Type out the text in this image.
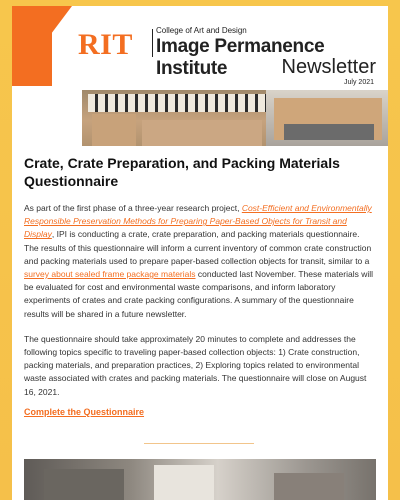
RIT	College of Art and Design
Image Permanence Institute	Newsletter
July 2021
Crate, Crate Preparation, and Packing Materials Questionnaire

As part of the first phase of a three-year research project, Cost-Efficient and Environmentally Responsible Preservation Methods for Preparing Paper-Based Objects for Transit and Display, IPI is conducting a crate, crate preparation, and packing materials questionnaire. The results of this questionnaire will inform a current inventory of common crate construction and packing materials used to prepare paper-based collection objects for transit, similar to a survey about sealed frame package materials conducted last November. These materials will be evaluated for cost and environmental waste comparisons, and inform laboratory experiments of crates and crate packing configurations. A summary of the questionnaire results will be shared in a future newsletter.

The questionnaire should take approximately 20 minutes to complete and addresses the following topics specific to traveling paper-based collection objects: 1) Crate construction, packing materials, and preparation practices, 2) Exploring topics related to environmental waste associated with crates and packing materials. The questionnaire will close on August 16, 2021.

Complete the Questionnaire
